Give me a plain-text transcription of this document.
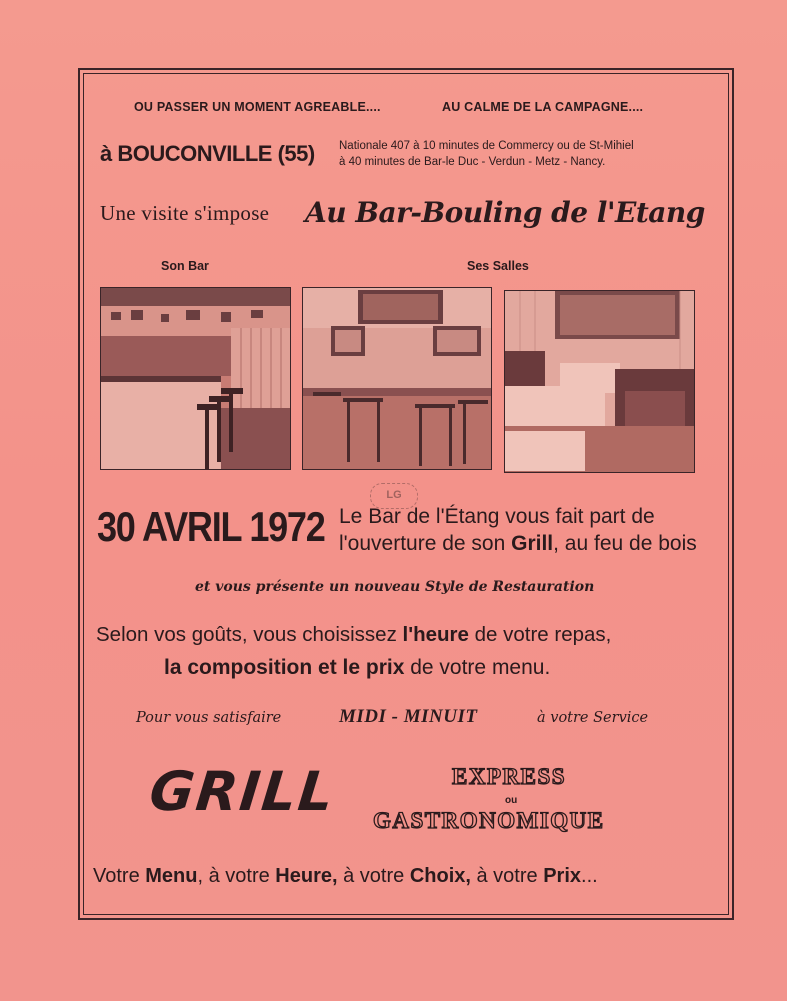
OU PASSER UN MOMENT AGREABLE....	AU CALME DE LA CAMPAGNE....
à BOUCONVILLE (55) Nationale 407 à 10 minutes de Commercy ou de St-Mihiel
à 40 minutes de Bar-le Duc - Verdun - Metz - Nancy.
Une visite s'impose Au Bar-Bouling de l'Etang
Son Bar	Ses Salles
LG
30 AVRIL 1972 Le Bar de l'Étang vous fait part de
l'ouverture de son Grill, au feu de bois
et vous présente un nouveau Style de Restauration
Selon vos goûts, vous choisissez l'heure de votre repas,
la composition et le prix de votre menu.
Pour vous satisfaire	MIDI - MINUIT	à votre Service
GRILL	EXPRESS
ou
GASTRONOMIQUE
Votre Menu, à votre Heure, à votre Choix, à votre Prix...
